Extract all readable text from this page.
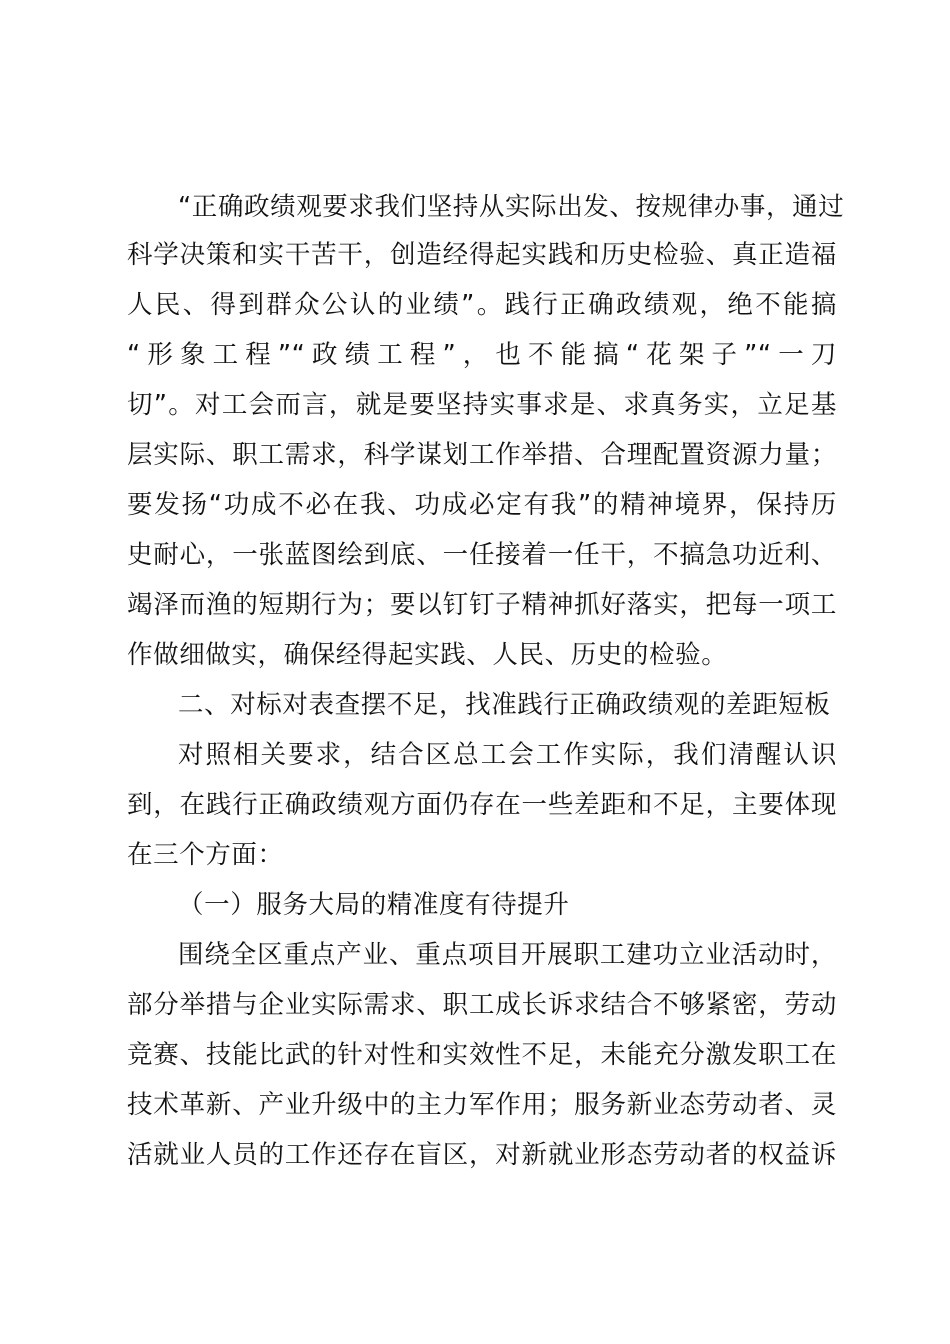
“正确政绩观要求我们坚持从实际出发、按规律办事，通过
科学决策和实干苦干，创造经得起实践和历史检验、真正造福
人民、得到群众公认的业绩”。践行正确政绩观，绝不能搞
“形象工程”“政绩工程”，也不能搞“花架子”“一刀
切”。对工会而言，就是要坚持实事求是、求真务实，立足基
层实际、职工需求，科学谋划工作举措、合理配置资源力量；
要发扬“功成不必在我、功成必定有我”的精神境界，保持历
史耐心，一张蓝图绘到底、一任接着一任干，不搞急功近利、
竭泽而渔的短期行为；要以钉钉子精神抓好落实，把每一项工
作做细做实，确保经得起实践、人民、历史的检验。
二、对标对表查摆不足，找准践行正确政绩观的差距短板
对照相关要求，结合区总工会工作实际，我们清醒认识
到，在践行正确政绩观方面仍存在一些差距和不足，主要体现
在三个方面：
（一）服务大局的精准度有待提升
围绕全区重点产业、重点项目开展职工建功立业活动时，
部分举措与企业实际需求、职工成长诉求结合不够紧密，劳动
竞赛、技能比武的针对性和实效性不足，未能充分激发职工在
技术革新、产业升级中的主力军作用；服务新业态劳动者、灵
活就业人员的工作还存在盲区，对新就业形态劳动者的权益诉
